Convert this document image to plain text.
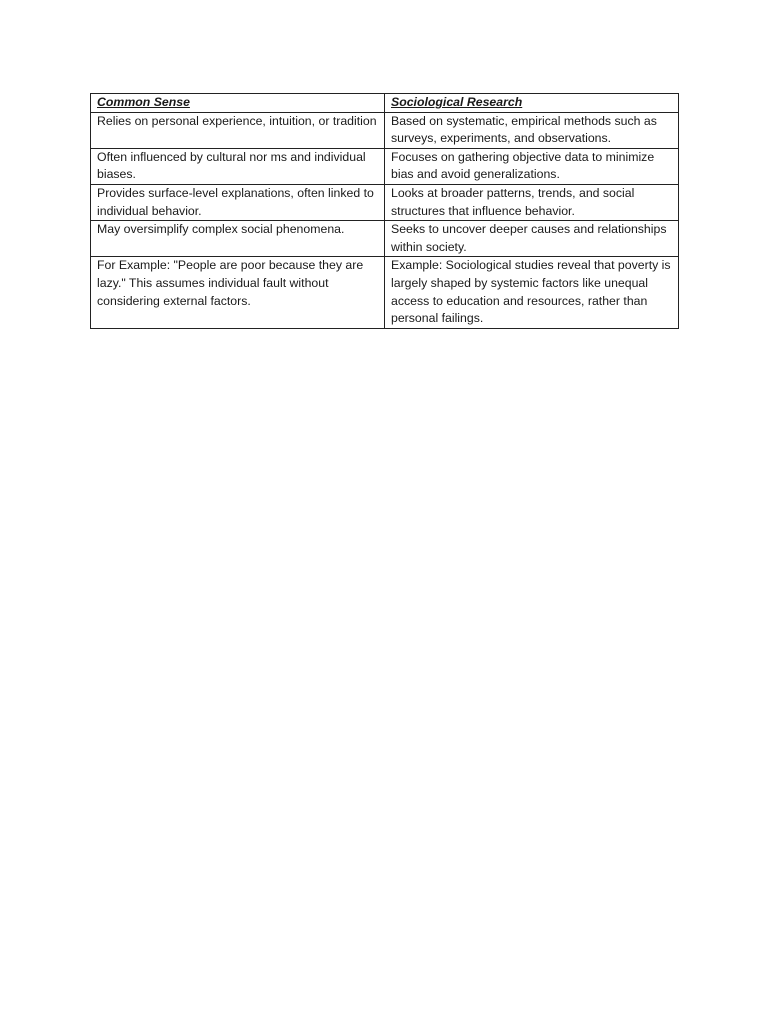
Common Sense	Sociological Research
Relies on personal experience, intuition, or tradition	Based on systematic, empirical methods such as surveys, experiments, and observations.
Often influenced by cultural nor ms and individual biases.	Focuses on gathering objective data to minimize bias and avoid generalizations.
Provides surface-level explanations, often linked to individual behavior.	Looks at broader patterns, trends, and social structures that influence behavior.
May oversimplify complex social phenomena.	Seeks to uncover deeper causes and relationships within society.
For Example: "People are poor because they are lazy." This assumes individual fault without considering external factors.	Example: Sociological studies reveal that poverty is largely shaped by systemic factors like unequal access to education and resources, rather than personal failings.
